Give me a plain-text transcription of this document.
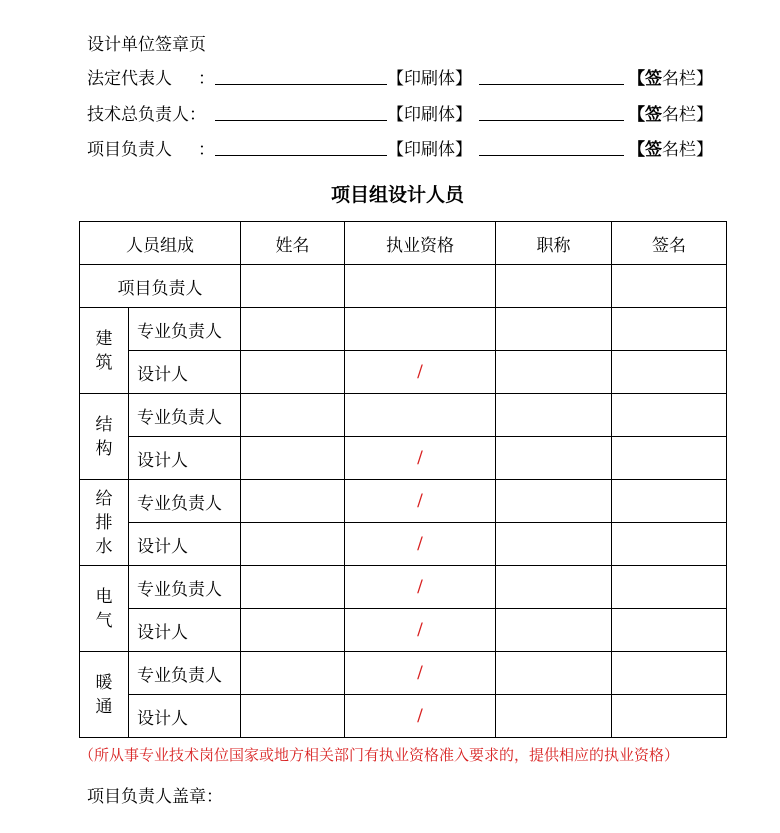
设计单位签章页
法定代表人 ：	【印刷体】	【签名栏】
技术总负责人：	【印刷体】	【签名栏】
项目负责人 ：	【印刷体】	【签名栏】
项目组设计人员
人员组成		姓名	执业资格	职称	签名
项目负责人					

建
筑	专业负责人				
	设计人		/		

结
构	专业负责人				
	设计人		/		

给
排
水	专业负责人		/		
	设计人		/		

电
气	专业负责人		/		
	设计人		/		

暖
通	专业负责人		/		
	设计人		/		
（所从事专业技术岗位国家或地方相关部门有执业资格准入要求的，提供相应的执业资格）
项目负责人盖章：
